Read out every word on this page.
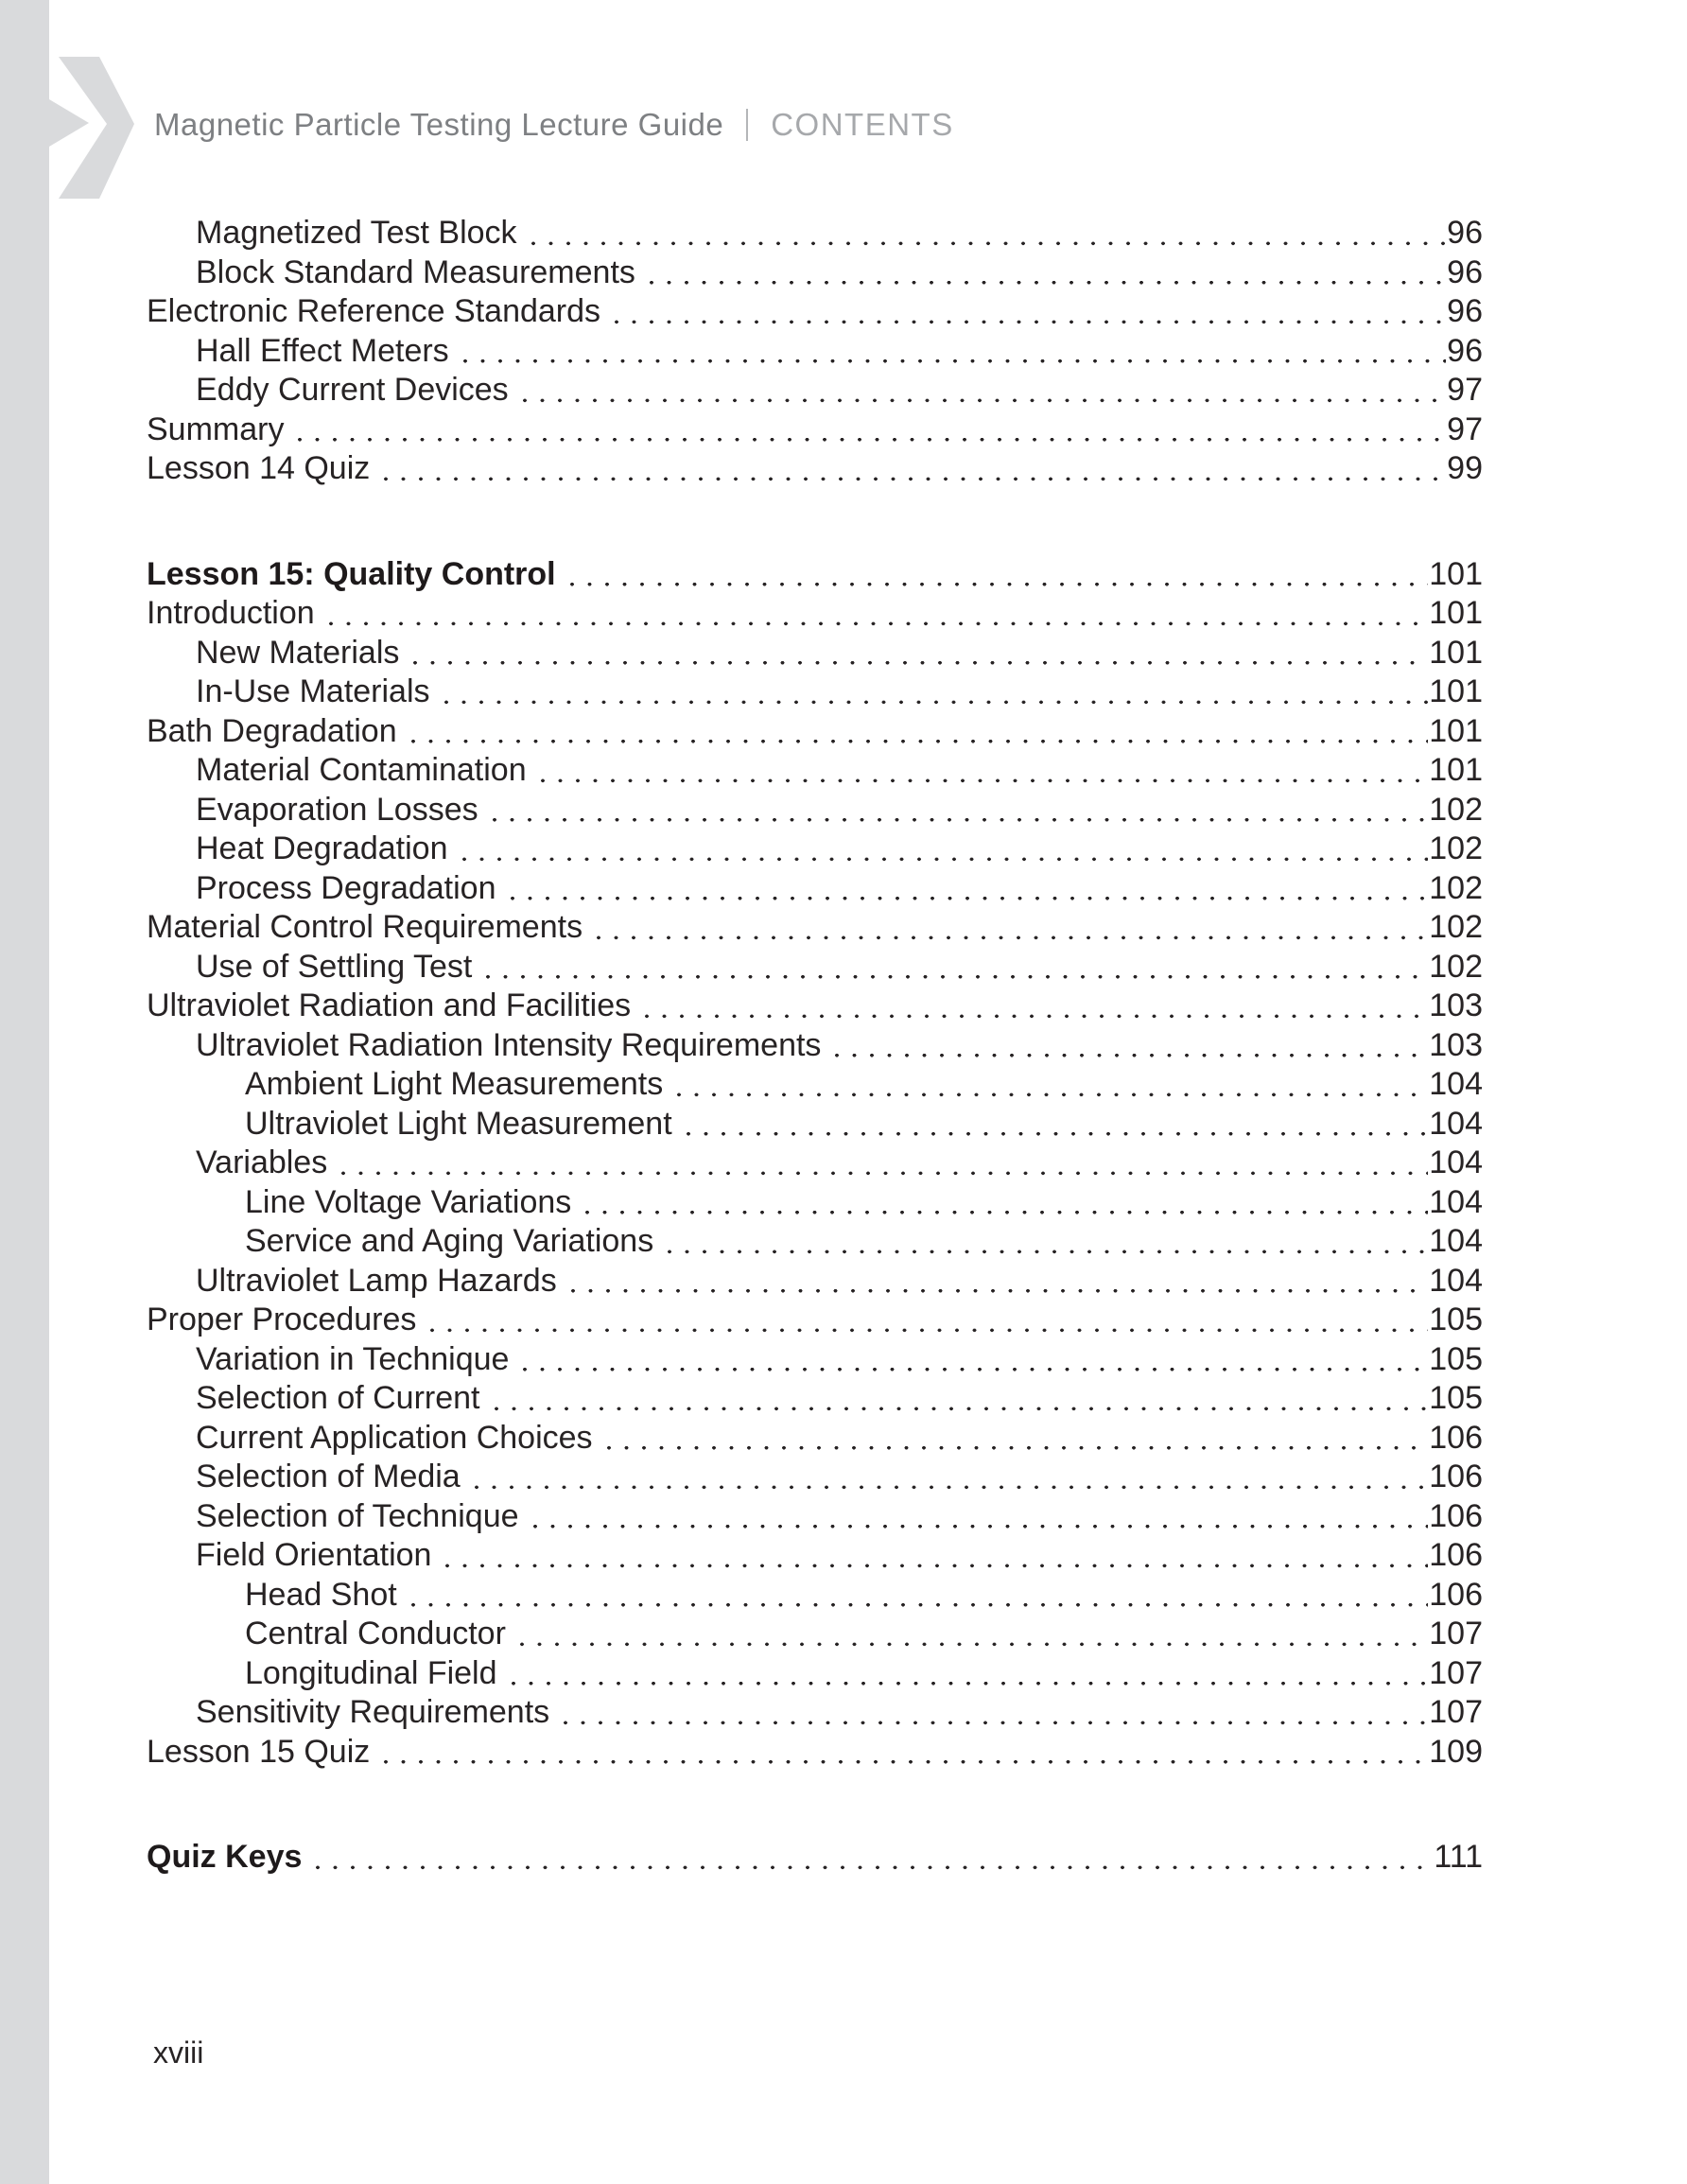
Magnetic Particle Testing Lecture Guide CONTENTS
Magnetized Test Block	96
Block Standard Measurements	96
Electronic Reference Standards	96
Hall Effect Meters	96
Eddy Current Devices	97
Summary	97
Lesson 14 Quiz	99
Lesson 15: Quality Control	101
Introduction	101
New Materials	101
In-Use Materials	101
Bath Degradation	101
Material Contamination	101
Evaporation Losses	102
Heat Degradation	102
Process Degradation	102
Material Control Requirements	102
Use of Settling Test	102
Ultraviolet Radiation and Facilities	103
Ultraviolet Radiation Intensity Requirements	103
Ambient Light Measurements	104
Ultraviolet Light Measurement	104
Variables	104
Line Voltage Variations	104
Service and Aging Variations	104
Ultraviolet Lamp Hazards	104
Proper Procedures	105
Variation in Technique	105
Selection of Current	105
Current Application Choices	106
Selection of Media	106
Selection of Technique	106
Field Orientation	106
Head Shot	106
Central Conductor	107
Longitudinal Field	107
Sensitivity Requirements	107
Lesson 15 Quiz	109
Quiz Keys	111
xviii
